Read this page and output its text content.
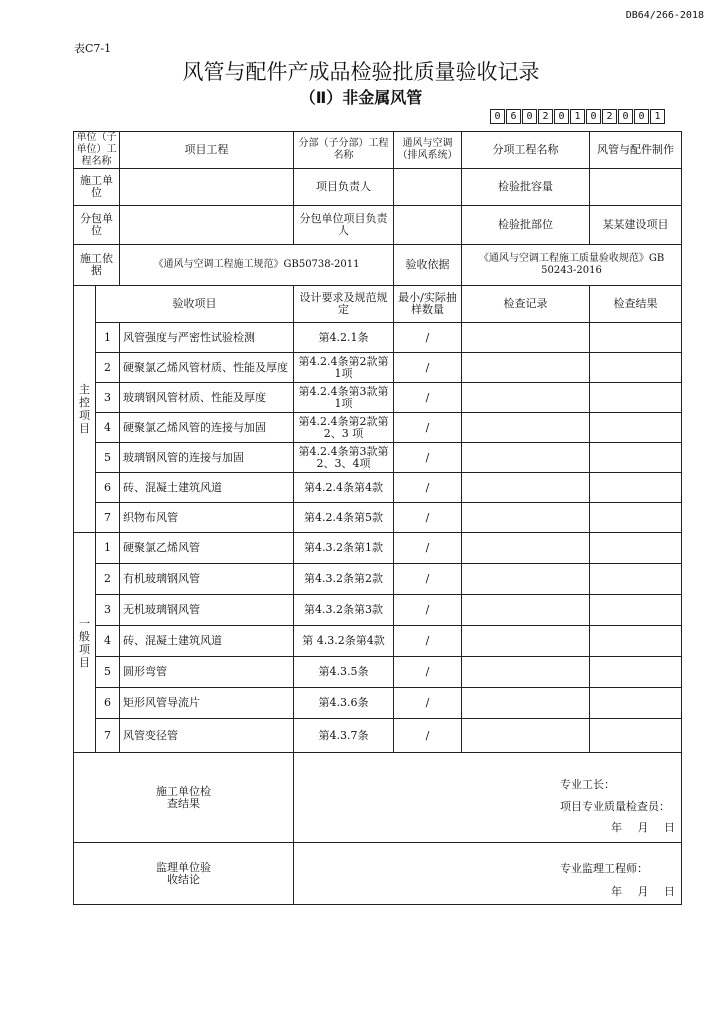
DB64/266-2018
表C7-1
风管与配件产成品检验批质量验收记录
（Ⅱ）非金属风管
0 6 0 2 0 1 0 2 0 0 1
单位（子单位）工程名称		项目工程	分部（子分部）工程名称	通风与空调（排风系统）	分项工程名称	风管与配件制作
施工单位			项目负责人		检验批容量	
分包单位			分包单位项目负责人		检验批部位	某某建设项目
施工依据		《通风与空调工程施工规范》GB50738-2011		验收依据	《通风与空调工程施工质量验收规范》GB 50243-2016	
主控项目	验收项目		设计要求及规范规定	最小/实际抽样数量	检查记录	检查结果
	1	风管强度与严密性试验检测	第4.2.1条	/		
	2	硬聚氯乙烯风管材质、性能及厚度	第4.2.4条第2款第1项	/		
	3	玻璃钢风管材质、性能及厚度	第4.2.4条第3款第1项	/		
	4	硬聚氯乙烯风管的连接与加固	第4.2.4条第2款第2、3 项	/		
	5	玻璃钢风管的连接与加固	第4.2.4条第3款第2、3、4项	/		
	6	砖、混凝土建筑风道	第4.2.4条第4款	/		
	7	织物布风管	第4.2.4条第5款	/		
一般项目	1	硬聚氯乙烯风管	第4.3.2条第1款	/		
	2	有机玻璃钢风管	第4.3.2条第2款	/		
	3	无机玻璃钢风管	第4.3.2条第3款	/		
	4	砖、混凝土建筑风道	第 4.3.2条第4款	/		
	5	圆形弯管	第4.3.5条	/		
	6	矩形风管导流片	第4.3.6条	/		
	7	风管变径管	第4.3.7条	/		
施工单位检查结果			专业工长：
项目专业质量检查员：
年 月 日			

监理单位验收结论			专业监理工程师：
年 月 日			
